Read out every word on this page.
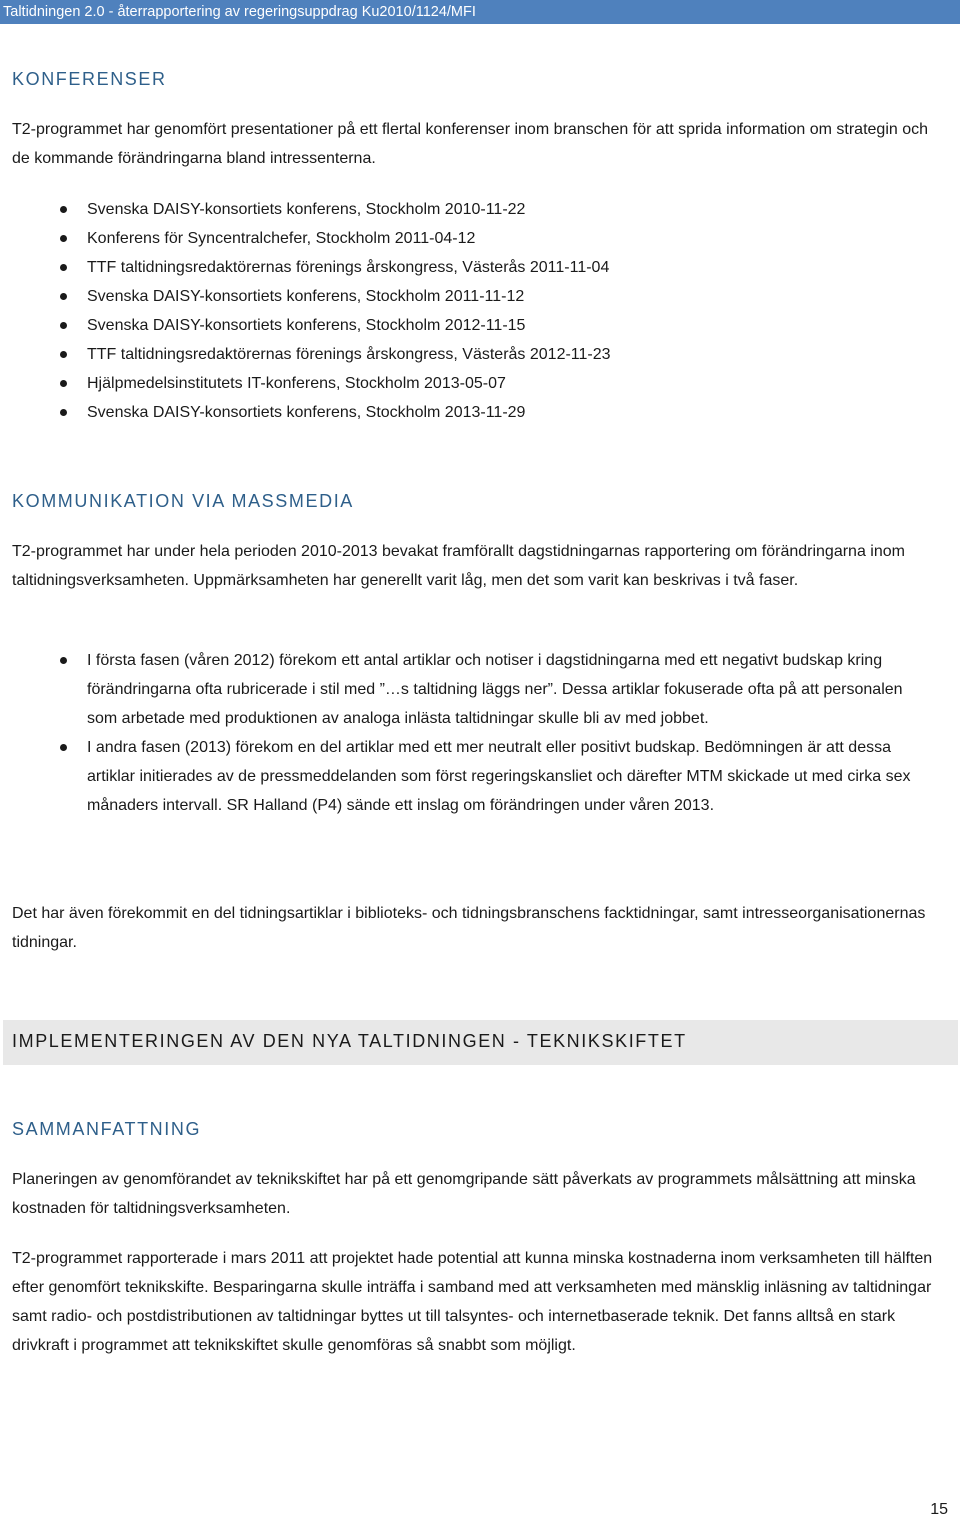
Taltidningen 2.0 - återrapportering av regeringsuppdrag Ku2010/1124/MFI
KONFERENSER

T2-programmet har genomfört presentationer på ett flertal konferenser inom branschen för att sprida information om strategin och de kommande förändringarna bland intressenterna.

Svenska DAISY-konsortiets konferens, Stockholm 2010-11-22
Konferens för Syncentralchefer, Stockholm 2011-04-12
TTF taltidningsredaktörernas förenings årskongress, Västerås 2011-11-04
Svenska DAISY-konsortiets konferens, Stockholm 2011-11-12
Svenska DAISY-konsortiets konferens, Stockholm 2012-11-15
TTF taltidningsredaktörernas förenings årskongress, Västerås 2012-11-23
Hjälpmedelsinstitutets IT-konferens, Stockholm 2013-05-07
Svenska DAISY-konsortiets konferens, Stockholm 2013-11-29
KOMMUNIKATION VIA MASSMEDIA

T2-programmet har under hela perioden 2010-2013 bevakat framförallt dagstidningarnas rapportering om förändringarna inom taltidningsverksamheten. Uppmärksamheten har generellt varit låg, men det som varit kan beskrivas i två faser.

I första fasen (våren 2012) förekom ett antal artiklar och notiser i dagstidningarna med ett negativt budskap kring förändringarna ofta rubricerade i stil med ”…s taltidning läggs ner”. Dessa artiklar fokuserade ofta på att personalen som arbetade med produktionen av analoga inlästa taltidningar skulle bli av med jobbet.
I andra fasen (2013) förekom en del artiklar med ett mer neutralt eller positivt budskap. Bedömningen är att dessa artiklar initierades av de pressmeddelanden som först regeringskansliet och därefter MTM skickade ut med cirka sex månaders intervall. SR Halland (P4) sände ett inslag om förändringen under våren 2013.

Det har även förekommit en del tidningsartiklar i biblioteks- och tidningsbranschens facktidningar, samt intresseorganisationernas tidningar.

IMPLEMENTERINGEN AV DEN NYA TALTIDNINGEN - TEKNIKSKIFTET
SAMMANFATTNING

Planeringen av genomförandet av teknikskiftet har på ett genomgripande sätt påverkats av programmets målsättning att minska kostnaden för taltidningsverksamheten.

T2-programmet rapporterade i mars 2011 att projektet hade potential att kunna minska kostnaderna inom verksamheten till hälften efter genomfört teknikskifte. Besparingarna skulle inträffa i samband med att verksamheten med mänsklig inläsning av taltidningar samt radio- och postdistributionen av taltidningar byttes ut till talsyntes- och internetbaserade teknik. Det fanns alltså en stark drivkraft i programmet att teknikskiftet skulle genomföras så snabbt som möjligt.

15
